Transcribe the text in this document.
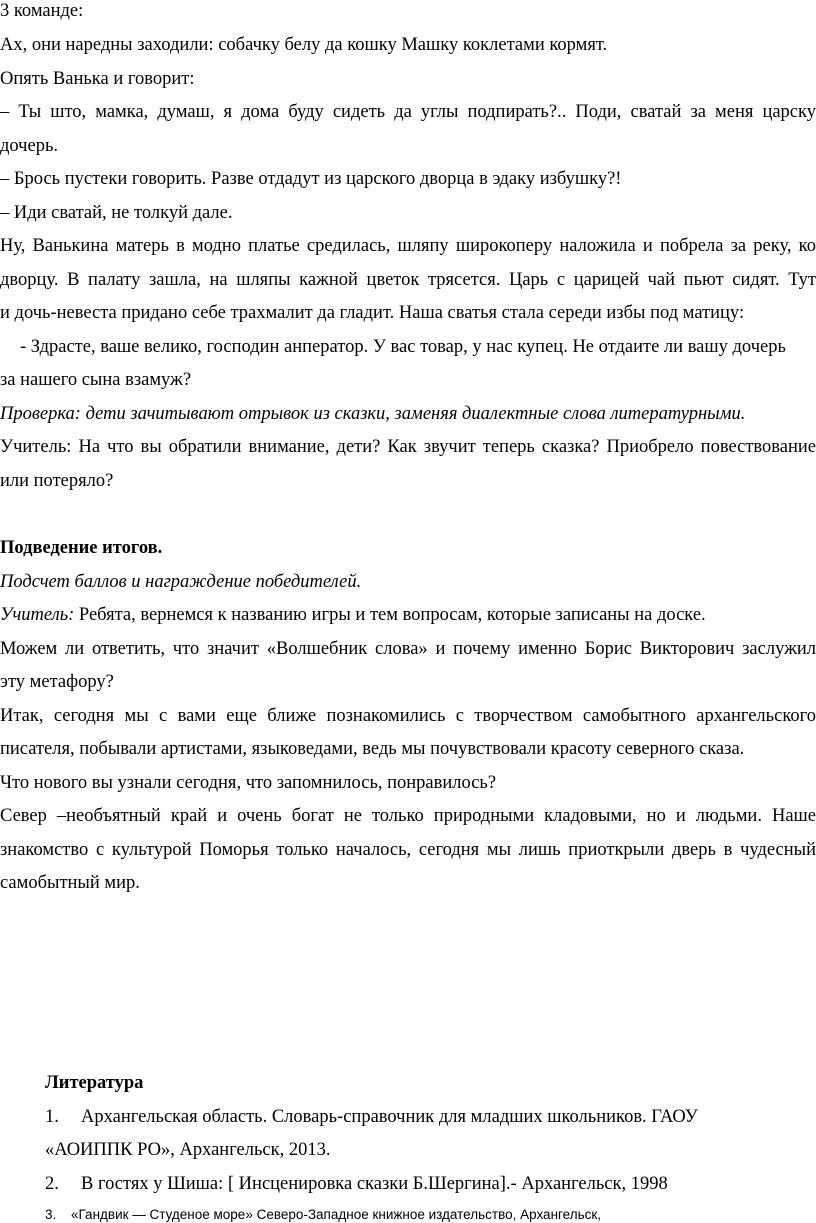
3 команде:
Ах, они наредны заходили: собачку белу да кошку Машку коклетами кормят.
Опять Ванька и говорит:
– Ты што, мамка, думаш, я дома буду сидеть да углы подпирать?.. Поди, сватай за меня царску
дочерь.
– Брось пустеки говорить. Разве отдадут из царского дворца в эдаку избушку?!
– Иди сватай, не толкуй дале.
Ну, Ванькина матерь в модно платье средилась, шляпу широкоперу наложила и побрела за реку, ко
дворцу. В палату зашла, на шляпы кажной цветок трясется. Царь с царицей чай пьют сидят. Тут
и дочь-невеста придано себе трахмалит да гладит. Наша сватья стала середи избы под матицу:
- Здрасте, ваше велико, господин анператор. У вас товар, у нас купец. Не отдаите ли вашу дочерь
за нашего сына взамуж?
Проверка: дети зачитывают отрывок из сказки, заменяя диалектные слова литературными.
Учитель: На что вы обратили внимание, дети? Как звучит теперь сказка? Приобрело повествование
или потеряло?
Подведение итогов.
Подсчет баллов и награждение победителей.
Учитель: Ребята, вернемся к названию игры и тем вопросам, которые записаны на доске.
Можем ли ответить, что значит «Волшебник слова» и почему именно Борис Викторович заслужил
эту метафору?
Итак, сегодня мы с вами еще ближе познакомились с творчеством самобытного архангельского
писателя, побывали артистами, языковедами, ведь мы почувствовали красоту северного сказа.
Что нового вы узнали сегодня, что запомнилось, понравилось?
Север –необъятный край и очень богат не только природными кладовыми, но и людьми. Наше
знакомство с культурой Поморья только началось, сегодня мы лишь приоткрыли дверь в чудесный
самобытный мир.
Литература
1. Архангельская область. Словарь-справочник для младших школьников. ГАОУ
«АОИППК РО», Архангельск, 2013.
2. В гостях у Шиша: [ Инсценировка сказки Б.Шергина].- Архангельск, 1998
3. «Гандвик — Студеное море» Северо-Западное книжное издательство, Архангельск,
